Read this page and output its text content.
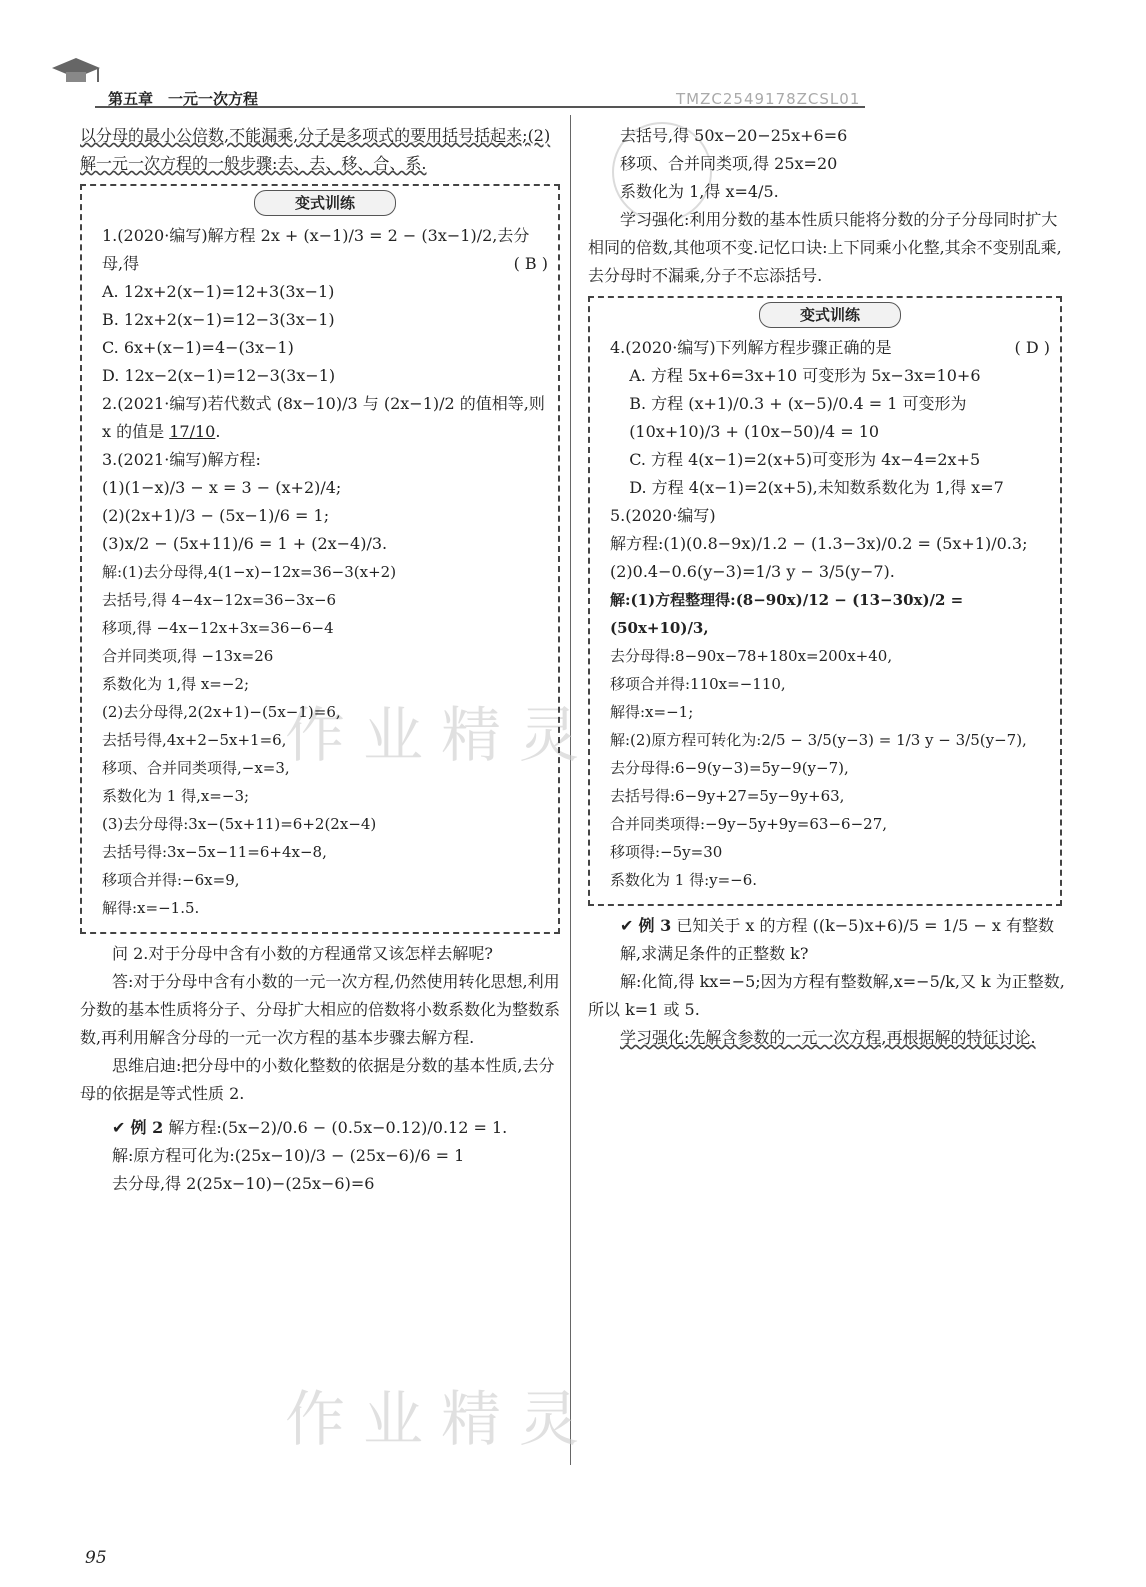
第五章　一元一次方程	TMZC2549178ZCSL01
作业精灵
作业精灵

以分母的最小公倍数,不能漏乘,分子是多项式的要用括号括起来;(2)解一元一次方程的一般步骤:去、去、移、合、系.

变式训练

1.(2020·编写)解方程 2x + (x−1)/3 = 2 − (3x−1)/2,去分母,得	( B )

A. 12x+2(x−1)=12+3(3x−1)

B. 12x+2(x−1)=12−3(3x−1)

C. 6x+(x−1)=4−(3x−1)

D. 12x−2(x−1)=12−3(3x−1)

2.(2021·编写)若代数式 (8x−10)/3 与 (2x−1)/2 的值相等,则 x 的值是 17/10.

3.(2021·编写)解方程:

(1)(1−x)/3 − x = 3 − (x+2)/4;

(2)(2x+1)/3 − (5x−1)/6 = 1;

(3)x/2 − (5x+11)/6 = 1 + (2x−4)/3.

解:(1)去分母得,4(1−x)−12x=36−3(x+2)

去括号,得 4−4x−12x=36−3x−6

移项,得 −4x−12x+3x=36−6−4

合并同类项,得 −13x=26

系数化为 1,得 x=−2;

(2)去分母得,2(2x+1)−(5x−1)=6,

去括号得,4x+2−5x+1=6,

移项、合并同类项得,−x=3,

系数化为 1 得,x=−3;

(3)去分母得:3x−(5x+11)=6+2(2x−4)

去括号得:3x−5x−11=6+4x−8,

移项合并得:−6x=9,

解得:x=−1.5.

问 2.对于分母中含有小数的方程通常又该怎样去解呢?

答:对于分母中含有小数的一元一次方程,仍然使用转化思想,利用分数的基本性质将分子、分母扩大相应的倍数将小数系数化为整数系数,再利用解含分母的一元一次方程的基本步骤去解方程.

思维启迪:把分母中的小数化整数的依据是分数的基本性质,去分母的依据是等式性质 2.

✔ 例 2 解方程:(5x−2)/0.6 − (0.5x−0.12)/0.12 = 1.

解:原方程可化为:(25x−10)/3 − (25x−6)/6 = 1

去分母,得 2(25x−10)−(25x−6)=6

去括号,得 50x−20−25x+6=6

移项、合并同类项,得 25x=20

系数化为 1,得 x=4/5.

学习强化:利用分数的基本性质只能将分数的分子分母同时扩大相同的倍数,其他项不变.记忆口诀:上下同乘小化整,其余不变别乱乘,去分母时不漏乘,分子不忘添括号.

变式训练

4.(2020·编写)下列解方程步骤正确的是	( D )

A. 方程 5x+6=3x+10 可变形为 5x−3x=10+6

B. 方程 (x+1)/0.3 + (x−5)/0.4 = 1 可变形为 (10x+10)/3 + (10x−50)/4 = 10

C. 方程 4(x−1)=2(x+5)可变形为 4x−4=2x+5

D. 方程 4(x−1)=2(x+5),未知数系数化为 1,得 x=7

5.(2020·编写)

解方程:(1)(0.8−9x)/1.2 − (1.3−3x)/0.2 = (5x+1)/0.3;

(2)0.4−0.6(y−3)=1/3 y − 3/5(y−7).

解:(1)方程整理得:(8−90x)/12 − (13−30x)/2 = (50x+10)/3,

去分母得:8−90x−78+180x=200x+40,

移项合并得:110x=−110,

解得:x=−1;

解:(2)原方程可转化为:2/5 − 3/5(y−3) = 1/3 y − 3/5(y−7),

去分母得:6−9(y−3)=5y−9(y−7),

去括号得:6−9y+27=5y−9y+63,

合并同类项得:−9y−5y+9y=63−6−27,

移项得:−5y=30

系数化为 1 得:y=−6.

✔ 例 3 已知关于 x 的方程 ((k−5)x+6)/5 = 1/5 − x 有整数解,求满足条件的正整数 k?

解:化简,得 kx=−5;因为方程有整数解,x=−5/k,又 k 为正整数,所以 k=1 或 5.

学习强化:先解含参数的一元一次方程,再根据解的特征讨论.

95
